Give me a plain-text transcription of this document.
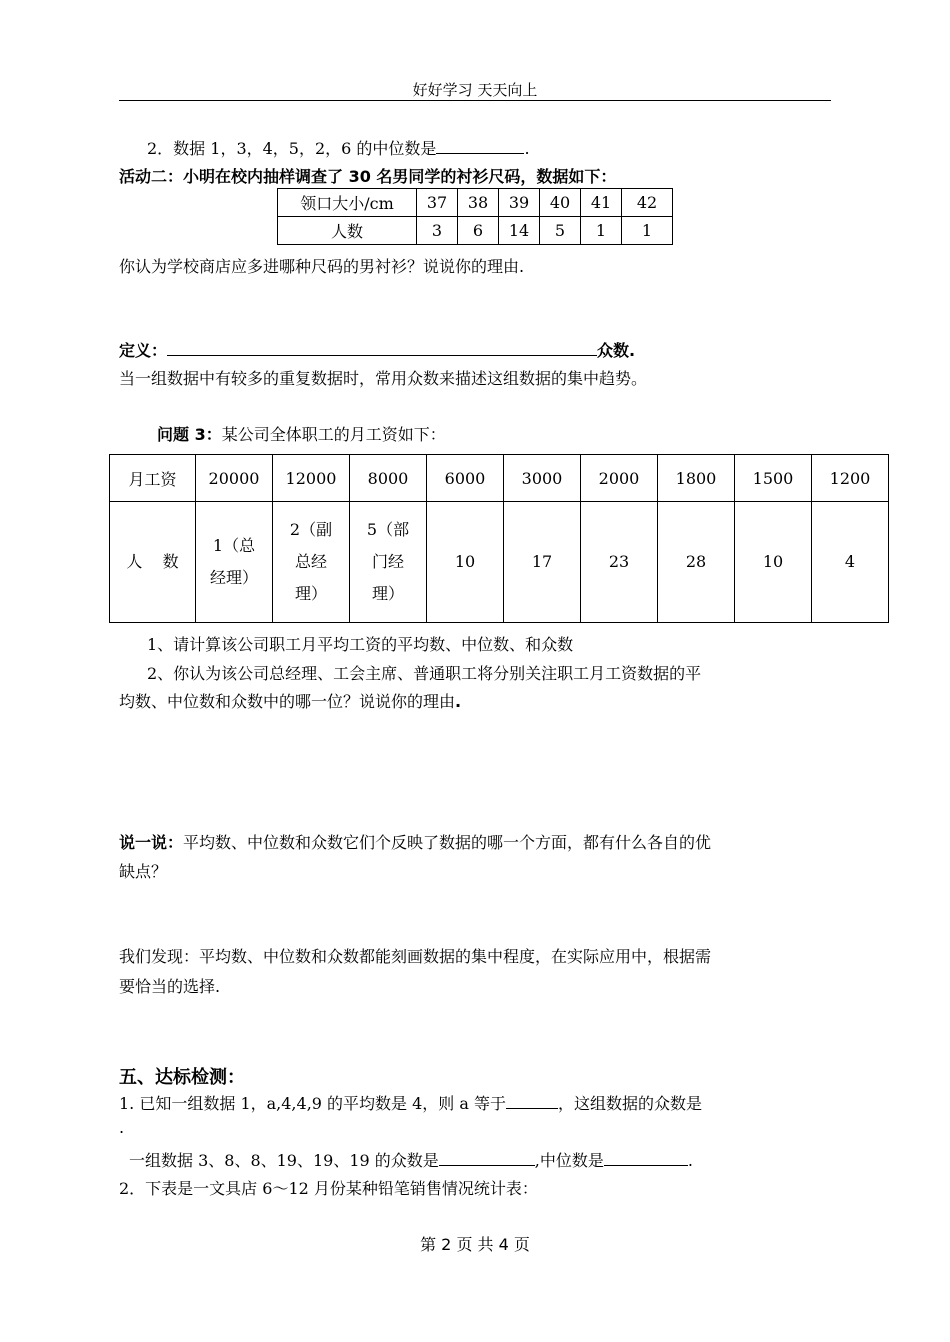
好好学习 天天向上
2．数据 1，3，4，5，2，6 的中位数是	.
活动二：小明在校内抽样调查了 30 名男同学的衬衫尺码，数据如下：
领口大小/cm	37	38	39	40	41	42
人数	3	6	14	5	1	1
你认为学校商店应多进哪种尺码的男衬衫？说说你的理由.
定义：	众数.
当一组数据中有较多的重复数据时，常用众数来描述这组数据的集中趋势。
问题 3：某公司全体职工的月工资如下：
月工资	20000	12000	8000	6000	3000	2000	1800	1500	1200
人    数	1（总经理）	2（副总经理）	5（部门经理）	10	17	23	28	10	4
1、请计算该公司职工月平均工资的平均数、中位数、和众数
2、你认为该公司总经理、工会主席、普通职工将分别关注职工月工资数据的平
均数、中位数和众数中的哪一位？说说你的理由.
说一说：平均数、中位数和众数它们个反映了数据的哪一个方面，都有什么各自的优
缺点？
我们发现：平均数、中位数和众数都能刻画数据的集中程度，在实际应用中，根据需
要恰当的选择.
五、达标检测：
1. 已知一组数据 1，a,4,4,9 的平均数是 4，则 a 等于	，这组数据的众数是
.
一组数据 3、8、8、19、19、19 的众数是	,中位数是	.
2．下表是一文具店 6～12 月份某种铅笔销售情况统计表：
第 2 页 共 4 页
